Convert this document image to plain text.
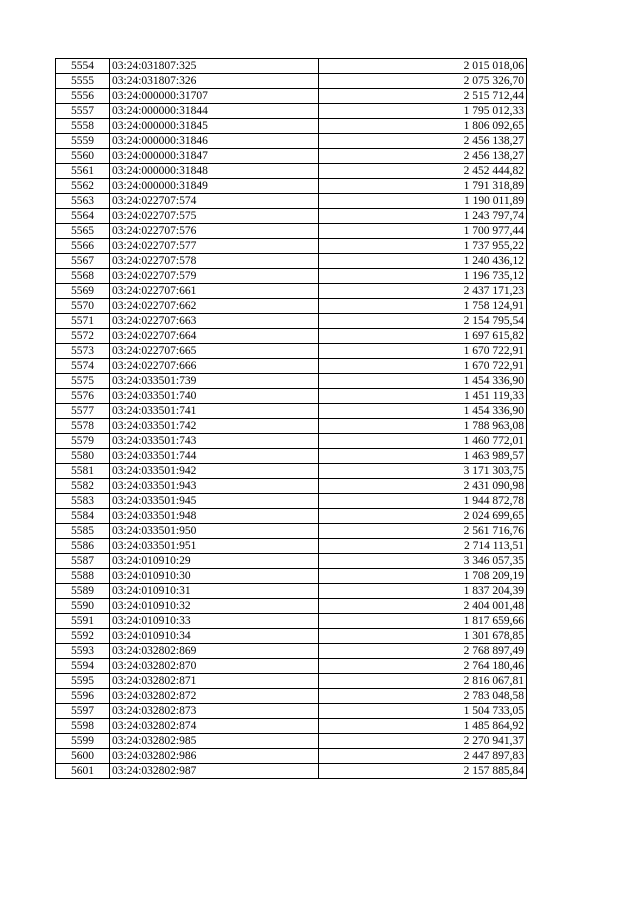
5554	03:24:031807:325	2 015 018,06
5555	03:24:031807:326	2 075 326,70
5556	03:24:000000:31707	2 515 712,44
5557	03:24:000000:31844	1 795 012,33
5558	03:24:000000:31845	1 806 092,65
5559	03:24:000000:31846	2 456 138,27
5560	03:24:000000:31847	2 456 138,27
5561	03:24:000000:31848	2 452 444,82
5562	03:24:000000:31849	1 791 318,89
5563	03:24:022707:574	1 190 011,89
5564	03:24:022707:575	1 243 797,74
5565	03:24:022707:576	1 700 977,44
5566	03:24:022707:577	1 737 955,22
5567	03:24:022707:578	1 240 436,12
5568	03:24:022707:579	1 196 735,12
5569	03:24:022707:661	2 437 171,23
5570	03:24:022707:662	1 758 124,91
5571	03:24:022707:663	2 154 795,54
5572	03:24:022707:664	1 697 615,82
5573	03:24:022707:665	1 670 722,91
5574	03:24:022707:666	1 670 722,91
5575	03:24:033501:739	1 454 336,90
5576	03:24:033501:740	1 451 119,33
5577	03:24:033501:741	1 454 336,90
5578	03:24:033501:742	1 788 963,08
5579	03:24:033501:743	1 460 772,01
5580	03:24:033501:744	1 463 989,57
5581	03:24:033501:942	3 171 303,75
5582	03:24:033501:943	2 431 090,98
5583	03:24:033501:945	1 944 872,78
5584	03:24:033501:948	2 024 699,65
5585	03:24:033501:950	2 561 716,76
5586	03:24:033501:951	2 714 113,51
5587	03:24:010910:29	3 346 057,35
5588	03:24:010910:30	1 708 209,19
5589	03:24:010910:31	1 837 204,39
5590	03:24:010910:32	2 404 001,48
5591	03:24:010910:33	1 817 659,66
5592	03:24:010910:34	1 301 678,85
5593	03:24:032802:869	2 768 897,49
5594	03:24:032802:870	2 764 180,46
5595	03:24:032802:871	2 816 067,81
5596	03:24:032802:872	2 783 048,58
5597	03:24:032802:873	1 504 733,05
5598	03:24:032802:874	1 485 864,92
5599	03:24:032802:985	2 270 941,37
5600	03:24:032802:986	2 447 897,83
5601	03:24:032802:987	2 157 885,84
